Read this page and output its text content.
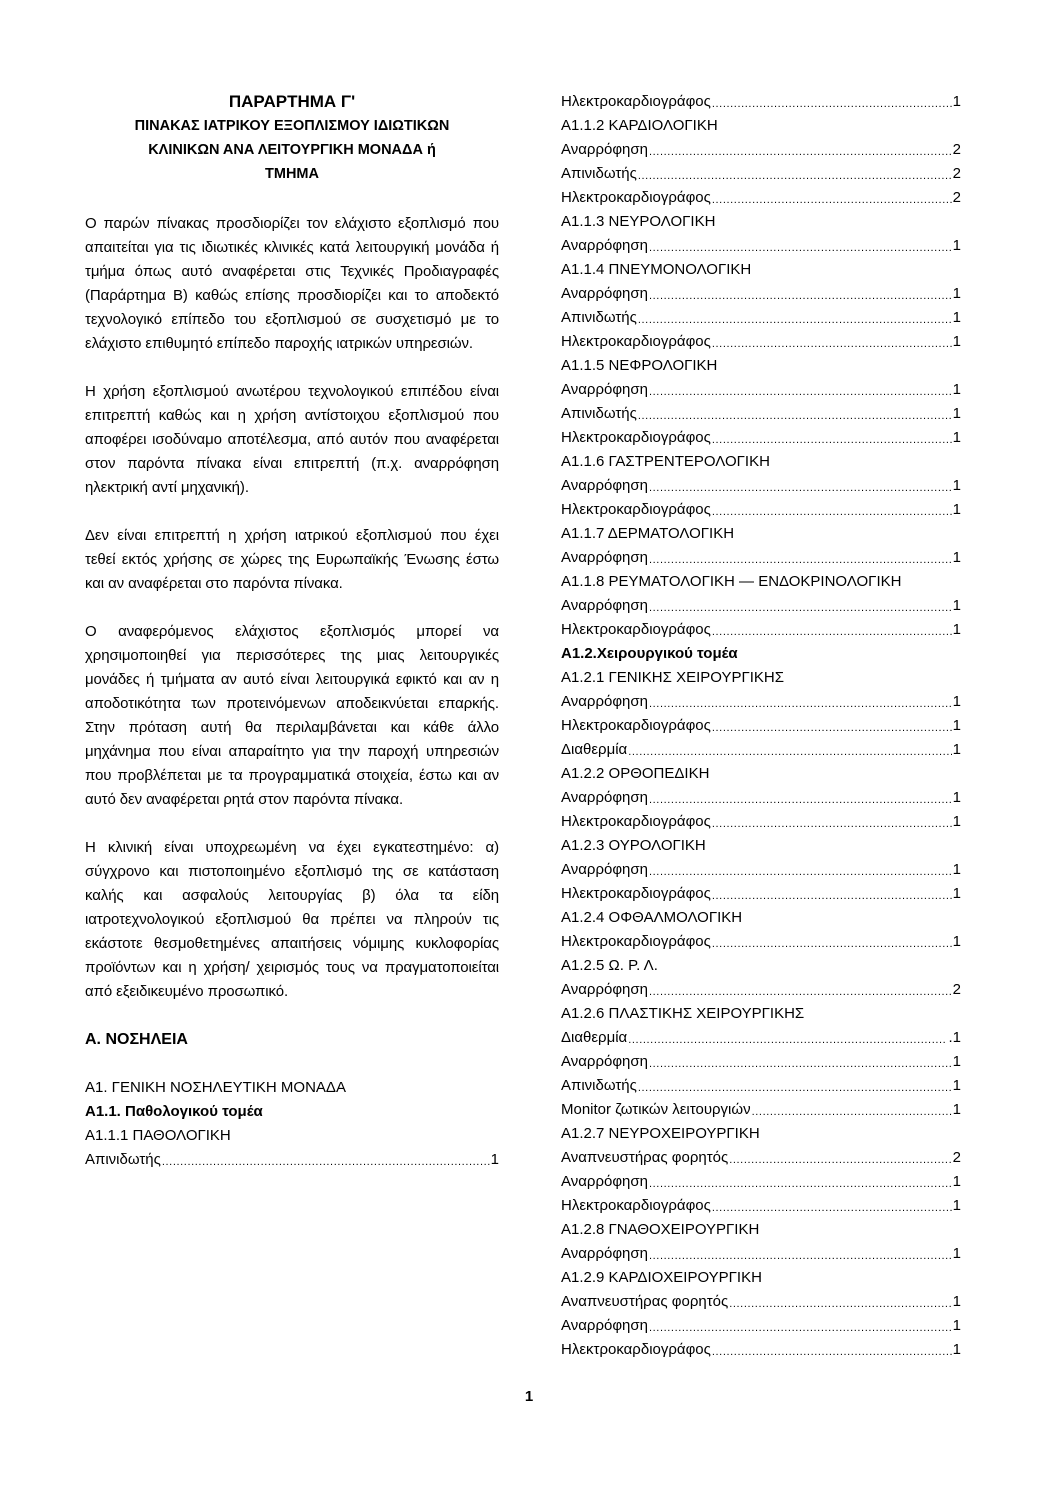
ΠΑΡΑΡΤΗΜΑ Γ'
ΠΙΝΑΚΑΣ ΙΑΤΡΙΚΟΥ ΕΞΟΠΛΙΣΜΟΥ ΙΔΙΩΤΙΚΩΝ
ΚΛΙΝΙΚΩΝ ΑΝΑ ΛΕΙΤΟΥΡΓΙΚΗ ΜΟΝΑΔΑ ή
ΤΜΗΜΑ

Ο παρών πίνακας προσδιορίζει τον ελάχιστο εξοπλισμό που απαιτείται για τις ιδιωτικές κλινικές κατά λειτουργική μονάδα ή τμήμα όπως αυτό αναφέρεται στις Τεχνικές Προδιαγραφές (Παράρτημα Β) καθώς επίσης προσδιορίζει και το αποδεκτό τεχνολογικό επίπεδο του εξοπλισμού σε συσχετισμό με το ελάχιστο επιθυμητό επίπεδο παροχής ιατρικών υπηρεσιών.

Η χρήση εξοπλισμού ανωτέρου τεχνολογικού επιπέδου είναι επιτρεπτή καθώς και η χρήση αντίστοιχου εξοπλισμού που αποφέρει ισοδύναμο αποτέλεσμα, από αυτόν που αναφέρεται στον παρόντα πίνακα είναι επιτρεπτή (π.χ. αναρρόφηση ηλεκτρική αντί μηχανική).

Δεν είναι επιτρεπτή η χρήση ιατρικού εξοπλισμού που έχει τεθεί εκτός χρήσης σε χώρες της Ευρωπαϊκής Ένωσης έστω και αν αναφέρεται στο παρόντα πίνακα.

Ο αναφερόμενος ελάχιστος εξοπλισμός μπορεί να χρησιμοποιηθεί για περισσότερες της μιας λειτουργικές μονάδες ή τμήματα αν αυτό είναι λειτουργικά εφικτό και αν η αποδοτικότητα των προτεινόμενων αποδεικνύεται επαρκής. Στην πρόταση αυτή θα περιλαμβάνεται και κάθε άλλο μηχάνημα που είναι απαραίτητο για την παροχή υπηρεσιών που προβλέπεται με τα προγραμματικά στοιχεία, έστω και αν αυτό δεν αναφέρεται ρητά στον παρόντα πίνακα.

Η κλινική είναι υποχρεωμένη να έχει εγκατεστημένο: α) σύγχρονο και πιστοποιημένο εξοπλισμό της σε κατάσταση καλής και ασφαλούς λειτουργίας β) όλα τα είδη ιατροτεχνολογικού εξοπλισμού θα πρέπει να πληρούν τις εκάστοτε θεσμοθετημένες απαιτήσεις νόμιμης κυκλοφορίας προϊόντων και η χρήση/ χειρισμός τους να πραγματοποιείται από εξειδικευμένο προσωπικό.

Α. ΝΟΣΗΛΕΙΑ
Α1. ΓΕΝΙΚΗ ΝΟΣΗΛΕΥΤΙΚΗ ΜΟΝΑΔΑ
Α1.1. Παθολογικού τομέα
Α1.1.1 ΠΑΘΟΛΟΓΙΚΗ
Απινιδωτής .....	1
Ηλεκτροκαρδιογράφος .....	1
Α1.1.2 ΚΑΡΔΙΟΛΟΓΙΚΗ
Αναρρόφηση .....	2
Απινιδωτής .....	2
Ηλεκτροκαρδιογράφος .....	2
Α1.1.3 ΝΕΥΡΟΛΟΓΙΚΗ
Αναρρόφηση .....	1
Α1.1.4 ΠΝΕΥΜΟΝΟΛΟΓΙΚΗ
Αναρρόφηση .....	1
Απινιδωτής .....	1
Ηλεκτροκαρδιογράφος .....	1
Α1.1.5 ΝΕΦΡΟΛΟΓΙΚΗ
Αναρρόφηση .....	1
Απινιδωτής .....	1
Ηλεκτροκαρδιογράφος .....	1
Α1.1.6 ΓΑΣΤΡΕΝΤΕΡΟΛΟΓΙΚΗ
Αναρρόφηση .....	1
Ηλεκτροκαρδιογράφος .....	1
Α1.1.7 ΔΕΡΜΑΤΟΛΟΓΙΚΗ
Αναρρόφηση .....	1
Α1.1.8 ΡΕΥΜΑΤΟΛΟΓΙΚΗ — ΕΝΔΟΚΡΙΝΟΛΟΓΙΚΗ
Αναρρόφηση .....	1
Ηλεκτροκαρδιογράφος .....	1
Α1.2.Χειρουργικού τομέα
Α1.2.1 ΓΕΝΙΚΗΣ ΧΕΙΡΟΥΡΓΙΚΗΣ
Αναρρόφηση .....	1
Ηλεκτροκαρδιογράφος .....	1
Διαθερμία .....	1
Α1.2.2 ΟΡΘΟΠΕΔΙΚΗ
Αναρρόφηση .....	1
Ηλεκτροκαρδιογράφος .....	1
Α1.2.3 ΟΥΡΟΛΟΓΙΚΗ
Αναρρόφηση .....	1
Ηλεκτροκαρδιογράφος .....	1
Α1.2.4 ΟΦΘΑΛΜΟΛΟΓΙΚΗ
Ηλεκτροκαρδιογράφος .....	1
Α1.2.5 Ω. Ρ. Λ.
Αναρρόφηση .....	2
Α1.2.6 ΠΛΑΣΤΙΚΗΣ ΧΕΙΡΟΥΡΓΙΚΗΣ
Διαθερμία .....	.1
Αναρρόφηση .....	1
Απινιδωτής .....	1
Monitor ζωτικών λειτουργιών .....	1
Α1.2.7 ΝΕΥΡΟΧΕΙΡΟΥΡΓΙΚΗ
Αναπνευστήρας φορητός .....	2
Αναρρόφηση .....	1
Ηλεκτροκαρδιογράφος .....	1
Α1.2.8 ΓΝΑΘΟΧΕΙΡΟΥΡΓΙΚΗ
Αναρρόφηση .....	1
Α1.2.9 ΚΑΡΔΙΟΧΕΙΡΟΥΡΓΙΚΗ
Αναπνευστήρας φορητός .....	1
Αναρρόφηση .....	1
Ηλεκτροκαρδιογράφος .....	1
1
